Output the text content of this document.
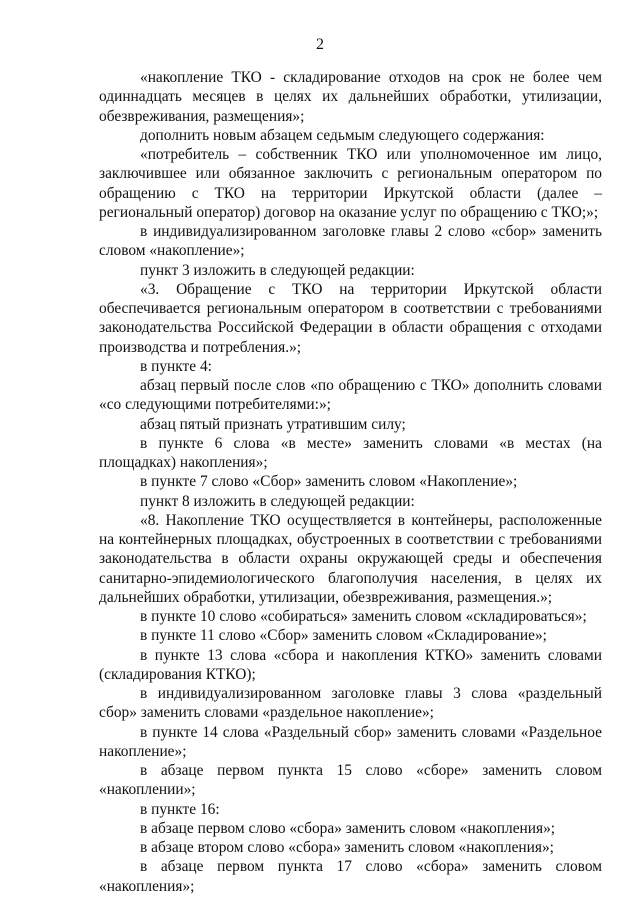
2

«накопление ТКО - складирование отходов на срок не более чем одиннадцать месяцев в целях их дальнейших обработки, утилизации, обезвреживания, размещения»;

дополнить новым абзацем седьмым следующего содержания:

«потребитель – собственник ТКО или уполномоченное им лицо, заключившее или обязанное заключить с региональным оператором по обращению с ТКО на территории Иркутской области (далее – региональный оператор) договор на оказание услуг по обращению с ТКО;»;

в индивидуализированном заголовке главы 2 слово «сбор» заменить словом «накопление»;

пункт 3 изложить в следующей редакции:

«3. Обращение с ТКО на территории Иркутской области обеспечивается региональным оператором в соответствии с требованиями законодательства Российской Федерации в области обращения с отходами производства и потребления.»;

в пункте 4:

абзац первый после слов «по обращению с ТКО» дополнить словами «со следующими потребителями:»;

абзац пятый признать утратившим силу;

в пункте 6 слова «в месте» заменить словами «в местах (на площадках) накопления»;

в пункте 7 слово «Сбор» заменить словом «Накопление»;

пункт 8 изложить в следующей редакции:

«8. Накопление ТКО осуществляется в контейнеры, расположенные на контейнерных площадках, обустроенных в соответствии с требованиями законодательства в области охраны окружающей среды и обеспечения санитарно-эпидемиологического благополучия населения, в целях их дальнейших обработки, утилизации, обезвреживания, размещения.»;

в пункте 10 слово «собираться» заменить словом «складироваться»;

в пункте 11 слово «Сбор» заменить словом «Складирование»;

в пункте 13 слова «сбора и накопления КТКО» заменить словами (складирования КТКО);

в индивидуализированном заголовке главы 3 слова «раздельный сбор» заменить словами «раздельное накопление»;

в пункте 14 слова «Раздельный сбор» заменить словами «Раздельное накопление»;

в абзаце первом пункта 15 слово «сборе» заменить словом «накоплении»;

в пункте 16:

в абзаце первом слово «сбора» заменить словом «накопления»;

в абзаце втором слово «сбора» заменить словом «накопления»;

в абзаце первом пункта 17 слово «сбора» заменить словом «накопления»;
